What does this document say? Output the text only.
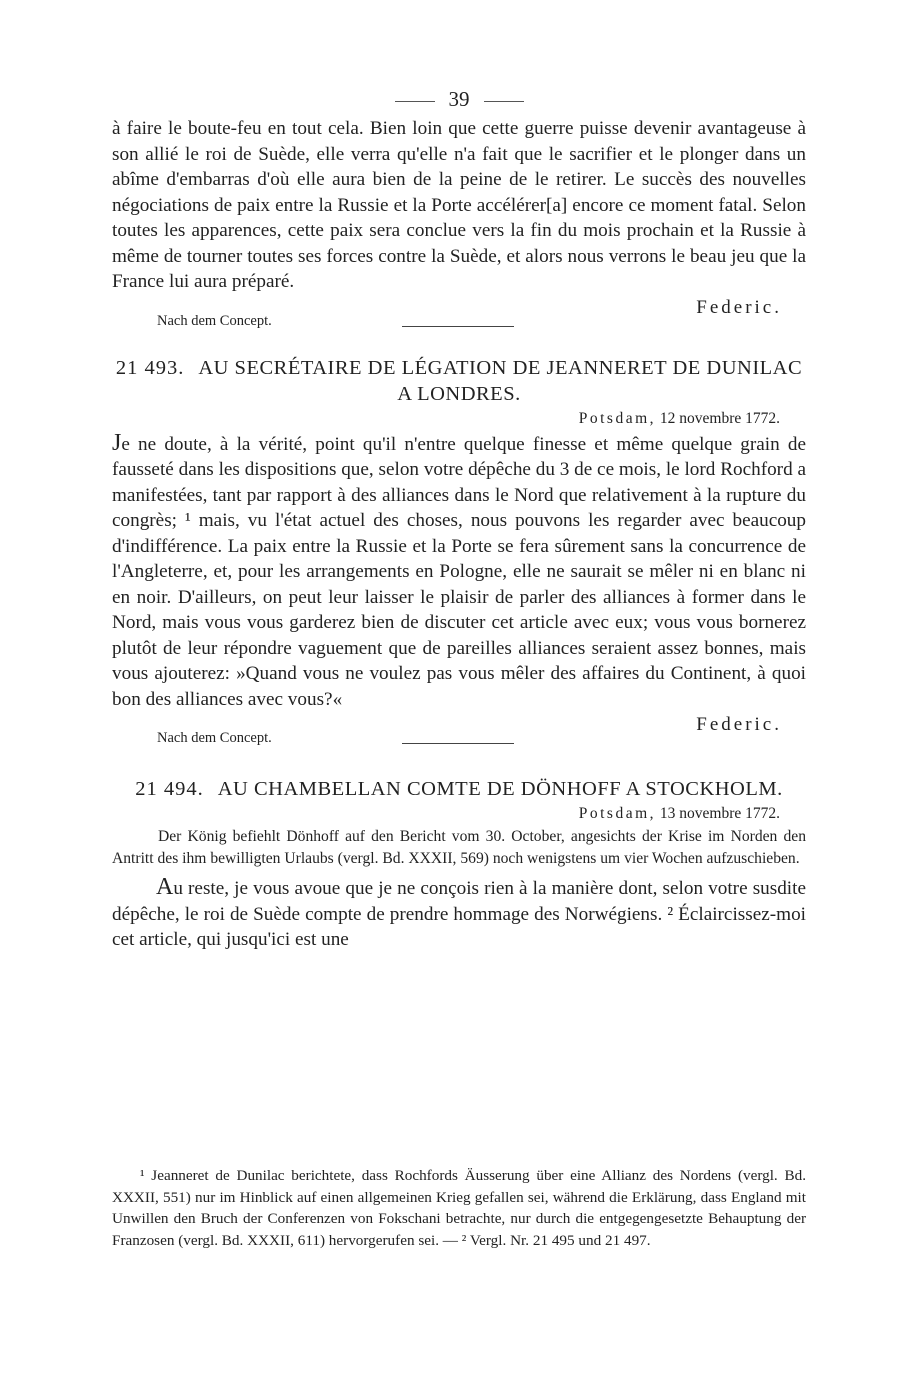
39

à faire le boute-feu en tout cela. Bien loin que cette guerre puisse devenir avantageuse à son allié le roi de Suède, elle verra qu'elle n'a fait que le sacrifier et le plonger dans un abîme d'embarras d'où elle aura bien de la peine de le retirer. Le succès des nouvelles négociations de paix entre la Russie et la Porte accélérer[a] encore ce moment fatal. Selon toutes les apparences, cette paix sera conclue vers la fin du mois prochain et la Russie à même de tourner toutes ses forces contre la Suède, et alors nous verrons le beau jeu que la France lui aura préparé.

Nach dem Concept.
Federic.

21 493. AU SECRÉTAIRE DE LÉGATION DE JEANNERET DE DUNILAC A LONDRES.

Potsdam, 12 novembre 1772.

Je ne doute, à la vérité, point qu'il n'entre quelque finesse et même quelque grain de fausseté dans les dispositions que, selon votre dépêche du 3 de ce mois, le lord Rochford a manifestées, tant par rapport à des alliances dans le Nord que relativement à la rupture du congrès; ¹ mais, vu l'état actuel des choses, nous pouvons les regarder avec beaucoup d'indifférence. La paix entre la Russie et la Porte se fera sûrement sans la concurrence de l'Angleterre, et, pour les arrangements en Pologne, elle ne saurait se mêler ni en blanc ni en noir. D'ailleurs, on peut leur laisser le plaisir de parler des alliances à former dans le Nord, mais vous vous garderez bien de discuter cet article avec eux; vous vous bornerez plutôt de leur répondre vaguement que de pareilles alliances seraient assez bonnes, mais vous ajouterez: »Quand vous ne voulez pas vous mêler des affaires du Continent, à quoi bon des alliances avec vous?«

Nach dem Concept.
Federic.

21 494. AU CHAMBELLAN COMTE DE DÖNHOFF A STOCKHOLM.

Potsdam, 13 novembre 1772.

Der König befiehlt Dönhoff auf den Bericht vom 30. October, angesichts der Krise im Norden den Antritt des ihm bewilligten Urlaubs (vergl. Bd. XXXII, 569) noch wenigstens um vier Wochen aufzuschieben.

Au reste, je vous avoue que je ne conçois rien à la manière dont, selon votre susdite dépêche, le roi de Suède compte de prendre hommage des Norwégiens. ² Éclaircissez-moi cet article, qui jusqu'ici est une

¹ Jeanneret de Dunilac berichtete, dass Rochfords Äusserung über eine Allianz des Nordens (vergl. Bd. XXXII, 551) nur im Hinblick auf einen allgemeinen Krieg gefallen sei, während die Erklärung, dass England mit Unwillen den Bruch der Conferenzen von Fokschani betrachte, nur durch die entgegengesetzte Behauptung der Franzosen (vergl. Bd. XXXII, 611) hervorgerufen sei. — ² Vergl. Nr. 21 495 und 21 497.
